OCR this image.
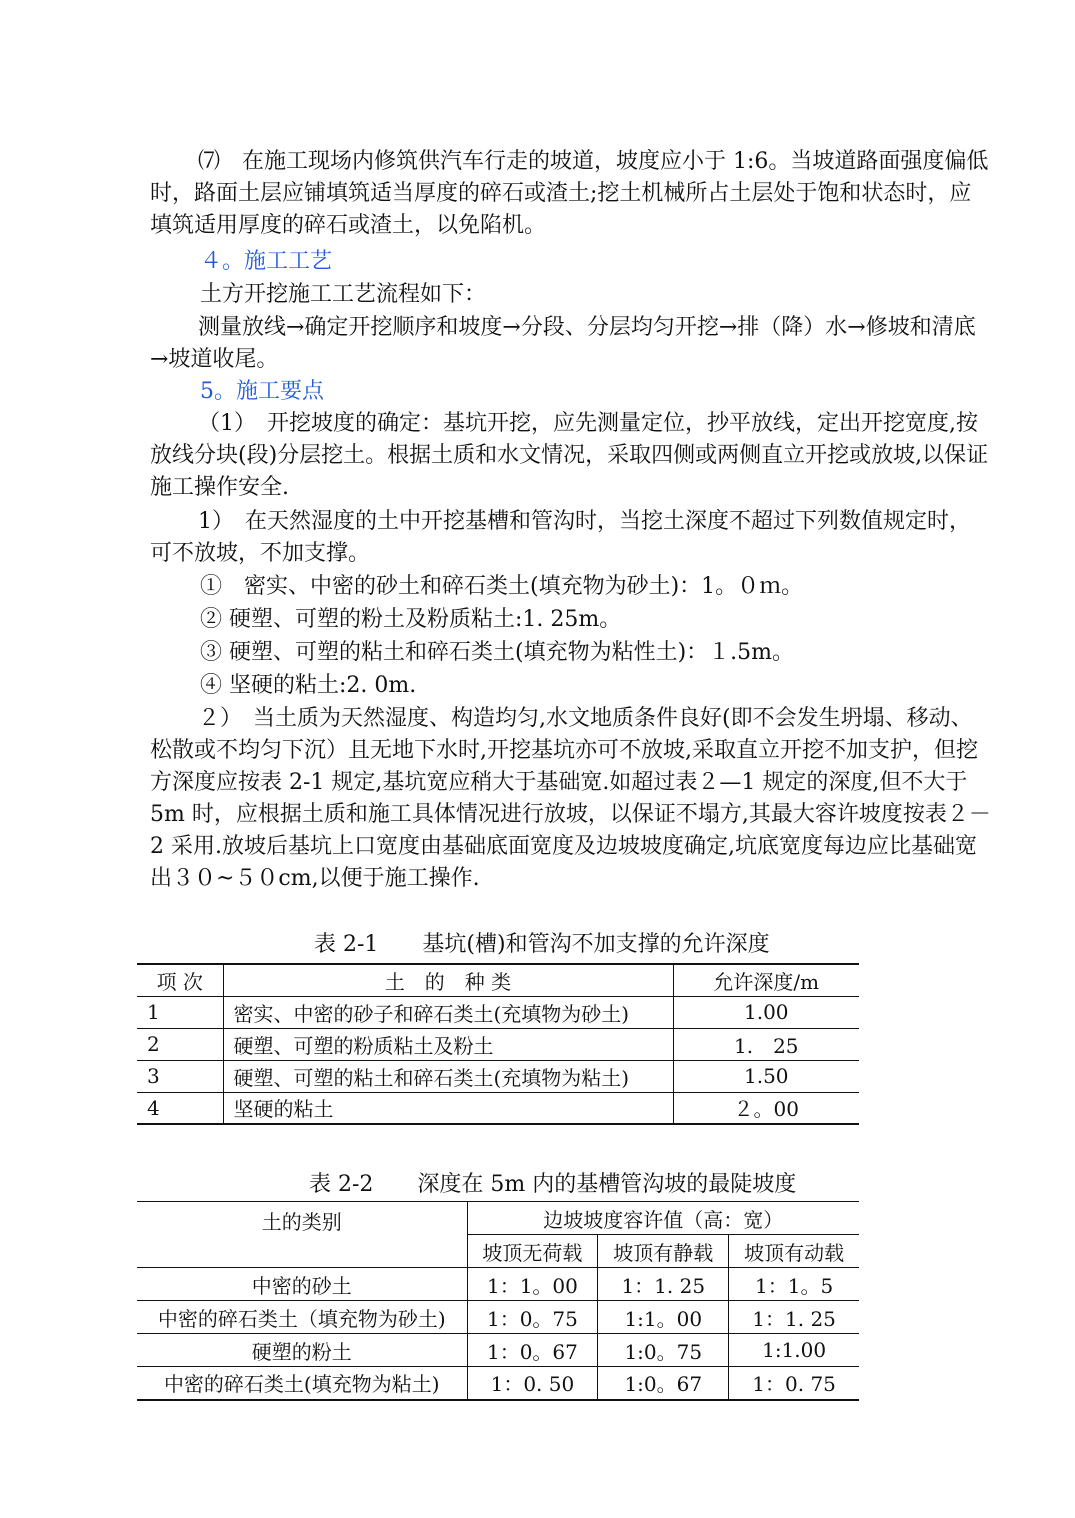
⑺　在施工现场内修筑供汽车行走的坡道，坡度应小于 1:6。当坡道路面强度偏低时，路面土层应铺填筑适当厚度的碎石或渣土;挖土机械所占土层处于饱和状态时，应填筑适用厚度的碎石或渣土，以免陷机。

４。施工工艺
土方开挖施工工艺流程如下：

测量放线→确定开挖顺序和坡度→分段、分层均匀开挖→排（降）水→修坡和清底→坡道收尾。

5。施工要点

（1）　开挖坡度的确定：基坑开挖，应先测量定位，抄平放线，定出开挖宽度,按放线分块(段)分层挖土。根据土质和水文情况，采取四侧或两侧直立开挖或放坡,以保证施工操作安全.

1）　在天然湿度的土中开挖基槽和管沟时，当挖土深度不超过下列数值规定时，可不放坡，不加支撑。

①　密实、中密的砂土和碎石类土(填充物为砂土)：1。０ｍ。
② 硬塑、可塑的粉土及粉质粘土:1. 25m。
③ 硬塑、可塑的粘土和碎石类土(填充物为粘性土)：１.5m。
④ 坚硬的粘土:2. 0m.

２）　当土质为天然湿度、构造均匀,水文地质条件良好(即不会发生坍塌、移动、松散或不均匀下沉）且无地下水时,开挖基坑亦可不放坡,采取直立开挖不加支护，但挖方深度应按表 2-1 规定,基坑宽应稍大于基础宽.如超过表２—1 规定的深度,但不大于 5m 时，应根据土质和施工具体情况进行放坡，以保证不塌方,其最大容许坡度按表２－2 采用.放坡后基坑上口宽度由基础底面宽度及边坡坡度确定,坑底宽度每边应比基础宽出３０~５０cm,以便于施工操作.

表 2-1　　基坑(槽)和管沟不加支撑的允许深度
项 次	土　的　种 类	允许深度/m
1	密实、中密的砂子和碎石类土(充填物为砂土)	1.00
2	硬塑、可塑的粉质粘土及粉土	1.　25
3	硬塑、可塑的粘土和碎石类土(充填物为粘土)	1.50
4	坚硬的粘土	２。00
表 2-2　　深度在 5m 内的基槽管沟坡的最陡坡度
土的类别	边坡坡度容许值（高：宽）		
	坡顶无荷载	坡顶有静载	坡顶有动载
中密的砂土	1：1。00	1：1. 25	1：1。5
中密的碎石类土（填充物为砂土)	1：0。75	1:1。00	1：1. 25
硬塑的粉土	1：0。67	1:0。75	1:1.00
中密的碎石类土(填充物为粘土)	1：0. 50	1:0。67	1：0. 75
